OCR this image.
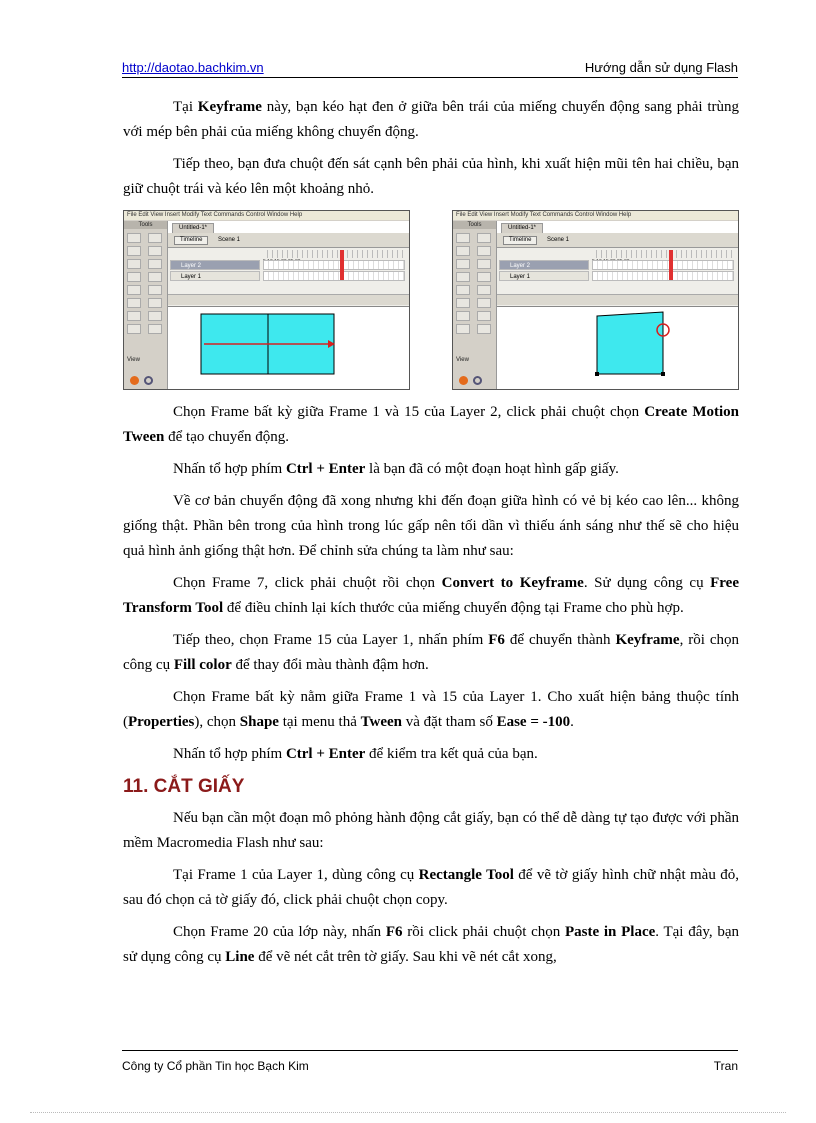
http://daotao.bachkim.vn	Hướng dẫn sử dụng Flash

Tại Keyframe này, bạn kéo hạt đen ở giữa bên trái của miếng chuyển động sang phải trùng với mép bên phải của miếng không chuyển động.

Tiếp theo, bạn đưa chuột đến sát cạnh bên phải của hình, khi xuất hiện mũi tên hai chiều, bạn giữ chuột trái và kéo lên một khoảng nhỏ.

File Edit View Insert Modify Text Commands Control Window Help
Tools
View
Untitled-1*
Timeline	Scene 1
Layer 2
Layer 1
File Edit View Insert Modify Text Commands Control Window Help
Tools
View
Untitled-1*
Timeline	Scene 1
Layer 2
Layer 1

Chọn Frame bất kỳ giữa Frame 1 và 15 của Layer 2, click phải chuột chọn Create Motion Tween để tạo chuyển động.

Nhấn tổ hợp phím Ctrl + Enter là bạn đã có một đoạn hoạt hình gấp giấy.

Về cơ bản chuyển động đã xong nhưng khi đến đoạn giữa hình có vẻ bị kéo cao lên... không giống thật. Phần bên trong của hình trong lúc gấp nên tối dần vì thiếu ánh sáng như thế sẽ cho hiệu quả hình ảnh giống thật hơn. Để chỉnh sửa chúng ta làm như sau:

Chọn Frame 7, click phải chuột rồi chọn Convert to Keyframe. Sử dụng công cụ Free Transform Tool để điều chỉnh lại kích thước của miếng chuyển động tại Frame cho phù hợp.

Tiếp theo, chọn Frame 15 của Layer 1, nhấn phím F6 để chuyển thành Keyframe, rồi chọn công cụ Fill color để thay đổi màu thành đậm hơn.

Chọn Frame bất kỳ nằm giữa Frame 1 và 15 của Layer 1. Cho xuất hiện bảng thuộc tính (Properties), chọn Shape tại menu thả Tween và đặt tham số Ease = -100.

Nhấn tổ hợp phím Ctrl + Enter để kiểm tra kết quả của bạn.

11. CẮT GIẤY

Nếu bạn cần một đoạn mô phỏng hành động cắt giấy, bạn có thể dễ dàng tự tạo được với phần mềm Macromedia Flash như sau:

Tại Frame 1 của Layer 1, dùng công cụ Rectangle Tool để vẽ tờ giấy hình chữ nhật màu đỏ, sau đó chọn cả tờ giấy đó, click phải chuột chọn copy.

Chọn Frame 20 của lớp này, nhấn F6 rồi click phải chuột chọn Paste in Place. Tại đây, bạn sử dụng công cụ Line để vẽ nét cắt trên tờ giấy. Sau khi vẽ nét cắt xong,

Công ty Cổ phần Tin học Bạch Kim	Tran
